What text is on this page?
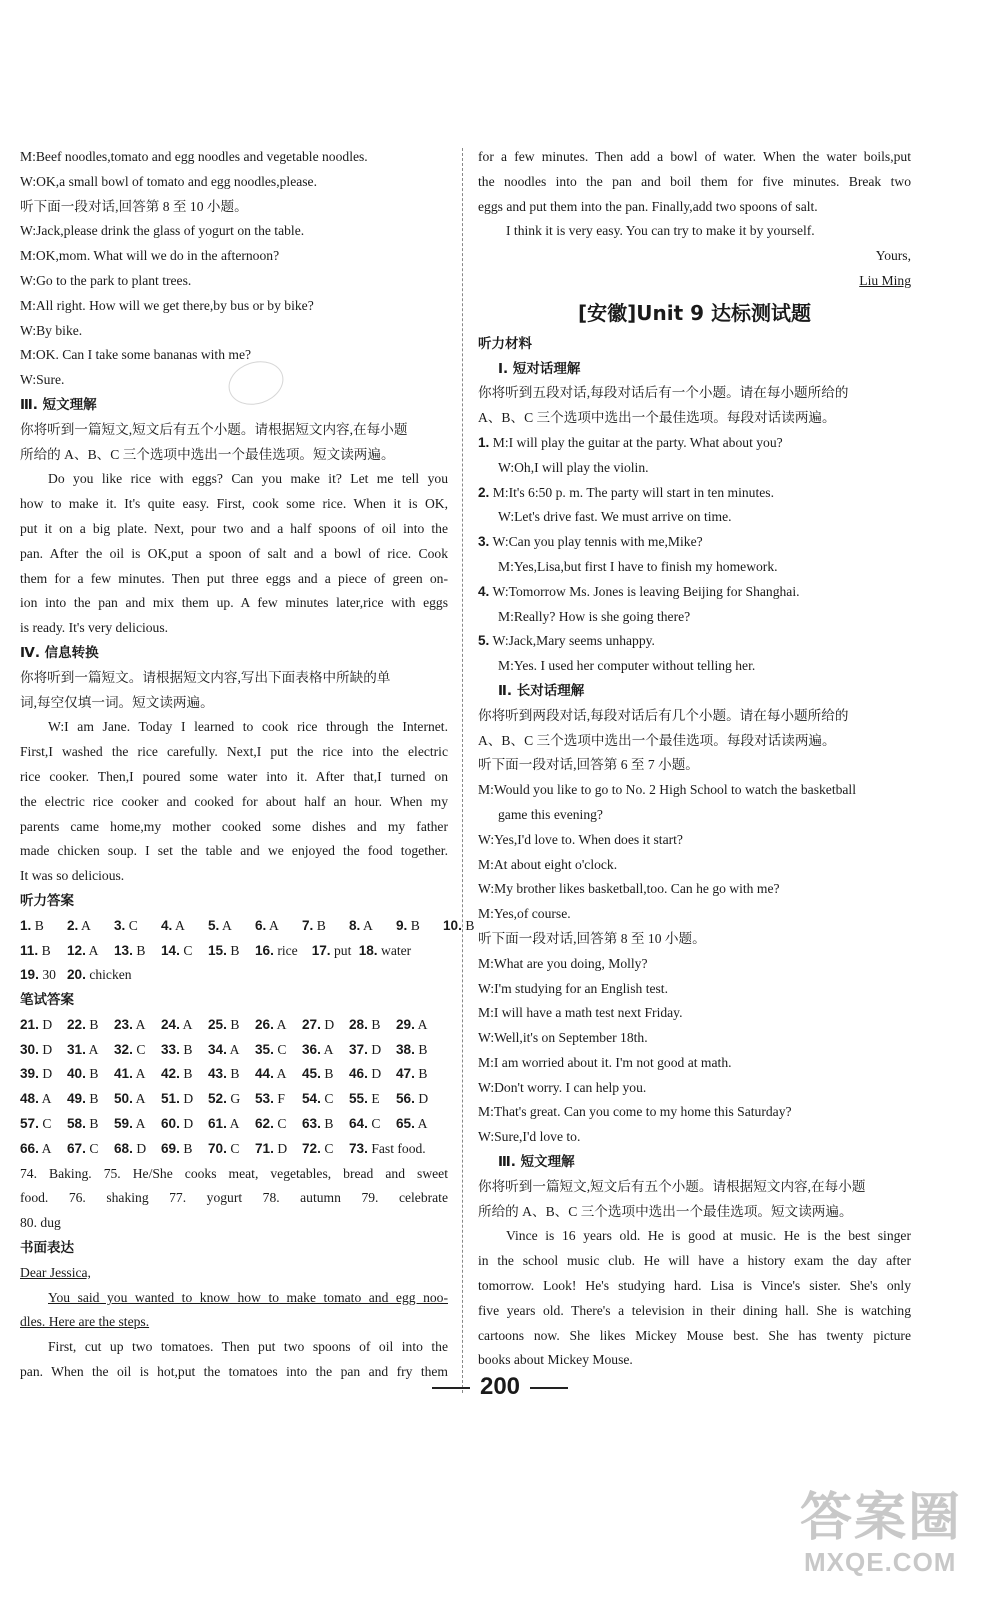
M:Beef noodles,tomato and egg noodles and vegetable noodles.
W:OK,a small bowl of tomato and egg noodles,please.
听下面一段对话,回答第 8 至 10 小题。
W:Jack,please drink the glass of yogurt on the table.
M:OK,mom. What will we do in the afternoon?
W:Go to the park to plant trees.
M:All right. How will we get there,by bus or by bike?
W:By bike.
M:OK. Can I take some bananas with me?
W:Sure.
Ⅲ. 短文理解
你将听到一篇短文,短文后有五个小题。请根据短文内容,在每小题
所给的 A、B、C 三个选项中选出一个最佳选项。短文读两遍。
Do you like rice with eggs? Can you make it? Let me tell you
how to make it. It's quite easy. First, cook some rice. When it is OK,
put it on a big plate. Next, pour two and a half spoons of oil into the
pan. After the oil is OK,put a spoon of salt and a bowl of rice. Cook
them for a few minutes. Then put three eggs and a piece of green on-
ion into the pan and mix them up. A few minutes later,rice with eggs
is ready. It's very delicious.
Ⅳ. 信息转换
你将听到一篇短文。请根据短文内容,写出下面表格中所缺的单
词,每空仅填一词。短文读两遍。
W:I am Jane. Today I learned to cook rice through the Internet.
First,I washed the rice carefully. Next,I put the rice into the electric
rice cooker. Then,I poured some water into it. After that,I turned on
the electric rice cooker and cooked for about half an hour. When my
parents came home,my mother cooked some dishes and my father
made chicken soup. I set the table and we enjoyed the food together.
It was so delicious.
听力答案
1. B 2. A 3. C 4. A 5. A 6. A 7. B 8. A 9. B 10. B
11. B 12. A 13. B 14. C 15. B 16. rice 17. put 18. water
19. 30 20. chicken
笔试答案
21. D 22. B 23. A 24. A 25. B 26. A 27. D 28. B 29. A
30. D 31. A 32. C 33. B 34. A 35. C 36. A 37. D 38. B
39. D 40. B 41. A 42. B 43. B 44. A 45. B 46. D 47. B
48. A 49. B 50. A 51. D 52. G 53. F 54. C 55. E 56. D
57. C 58. B 59. A 60. D 61. A 62. C 63. B 64. C 65. A
66. A 67. C 68. D 69. B 70. C 71. D 72. C 73. Fast food.
74. Baking. 75. He/She cooks meat, vegetables, bread and sweet
food. 76. shaking 77. yogurt 78. autumn 79. celebrate
80. dug
书面表达
Dear Jessica,
You said you wanted to know how to make tomato and egg noo-
dles. Here are the steps.
First, cut up two tomatoes. Then put two spoons of oil into the
pan. When the oil is hot,put the tomatoes into the pan and fry them
for a few minutes. Then add a bowl of water. When the water boils,put
the noodles into the pan and boil them for five minutes. Break two
eggs and put them into the pan. Finally,add two spoons of salt.
I think it is very easy. You can try to make it by yourself.
Yours,
Liu Ming
[安徽]Unit 9 达标测试题
听力材料
Ⅰ. 短对话理解
你将听到五段对话,每段对话后有一个小题。请在每小题所给的
A、B、C 三个选项中选出一个最佳选项。每段对话读两遍。
1. M:I will play the guitar at the party. What about you?
W:Oh,I will play the violin.
2. M:It's 6:50 p. m. The party will start in ten minutes.
W:Let's drive fast. We must arrive on time.
3. W:Can you play tennis with me,Mike?
M:Yes,Lisa,but first I have to finish my homework.
4. W:Tomorrow Ms. Jones is leaving Beijing for Shanghai.
M:Really? How is she going there?
5. W:Jack,Mary seems unhappy.
M:Yes. I used her computer without telling her.
Ⅱ. 长对话理解
你将听到两段对话,每段对话后有几个小题。请在每小题所给的
A、B、C 三个选项中选出一个最佳选项。每段对话读两遍。
听下面一段对话,回答第 6 至 7 小题。
M:Would you like to go to No. 2 High School to watch the basketball
game this evening?
W:Yes,I'd love to. When does it start?
M:At about eight o'clock.
W:My brother likes basketball,too. Can he go with me?
M:Yes,of course.
听下面一段对话,回答第 8 至 10 小题。
M:What are you doing, Molly?
W:I'm studying for an English test.
M:I will have a math test next Friday.
W:Well,it's on September 18th.
M:I am worried about it. I'm not good at math.
W:Don't worry. I can help you.
M:That's great. Can you come to my home this Saturday?
W:Sure,I'd love to.
Ⅲ. 短文理解
你将听到一篇短文,短文后有五个小题。请根据短文内容,在每小题
所给的 A、B、C 三个选项中选出一个最佳选项。短文读两遍。
Vince is 16 years old. He is good at music. He is the best singer
in the school music club. He will have a history exam the day after
tomorrow. Look! He's studying hard. Lisa is Vince's sister. She's only
five years old. There's a television in their dining hall. She is watching
cartoons now. She likes Mickey Mouse best. She has twenty picture
books about Mickey Mouse.
200
答案圈
MXQE.COM
